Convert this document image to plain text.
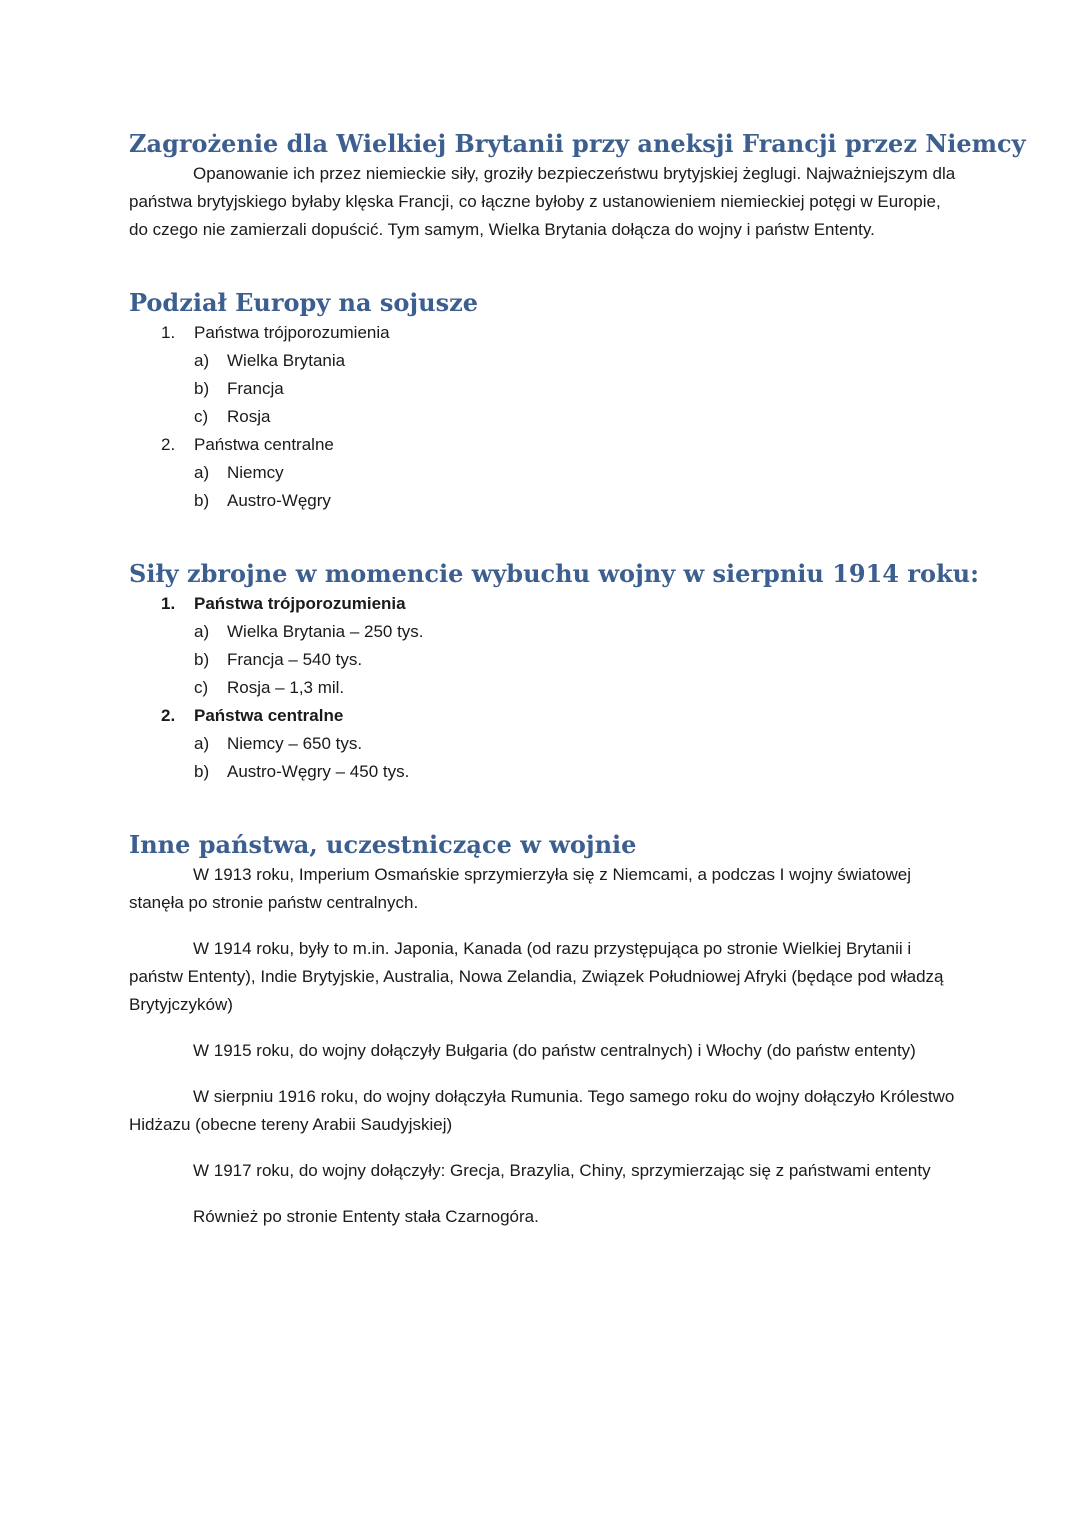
Zagrożenie dla Wielkiej Brytanii przy aneksji Francji przez Niemcy

Opanowanie ich przez niemieckie siły, groziły bezpieczeństwu brytyjskiej żeglugi. Najważniejszym dla państwa brytyjskiego byłaby klęska Francji, co łączne byłoby z ustanowieniem niemieckiej potęgi w Europie, do czego nie zamierzali dopuścić. Tym samym, Wielka Brytania dołącza do wojny i państw Ententy.

Podział Europy na sojusze
1. Państwa trójporozumienia
a) Wielka Brytania
b) Francja
c) Rosja
2. Państwa centralne
a) Niemcy
b) Austro-Węgry
Siły zbrojne w momencie wybuchu wojny w sierpniu 1914 roku:
1. Państwa trójporozumienia
a) Wielka Brytania – 250 tys.
b) Francja – 540 tys.
c) Rosja – 1,3 mil.
2. Państwa centralne
a) Niemcy – 650 tys.
b) Austro-Węgry – 450 tys.
Inne państwa, uczestniczące w wojnie

W 1913 roku, Imperium Osmańskie sprzymierzyła się z Niemcami, a podczas I wojny światowej stanęła po stronie państw centralnych.

W 1914 roku, były to m.in. Japonia, Kanada (od razu przystępująca po stronie Wielkiej Brytanii i państw Ententy), Indie Brytyjskie, Australia, Nowa Zelandia, Związek Południowej Afryki (będące pod władzą Brytyjczyków)

W 1915 roku, do wojny dołączyły Bułgaria (do państw centralnych) i Włochy (do państw ententy)

W sierpniu 1916 roku, do wojny dołączyła Rumunia. Tego samego roku do wojny dołączyło Królestwo Hidżazu (obecne tereny Arabii Saudyjskiej)

W 1917 roku, do wojny dołączyły: Grecja, Brazylia, Chiny, sprzymierzając się z państwami ententy

Również po stronie Ententy stała Czarnogóra.
